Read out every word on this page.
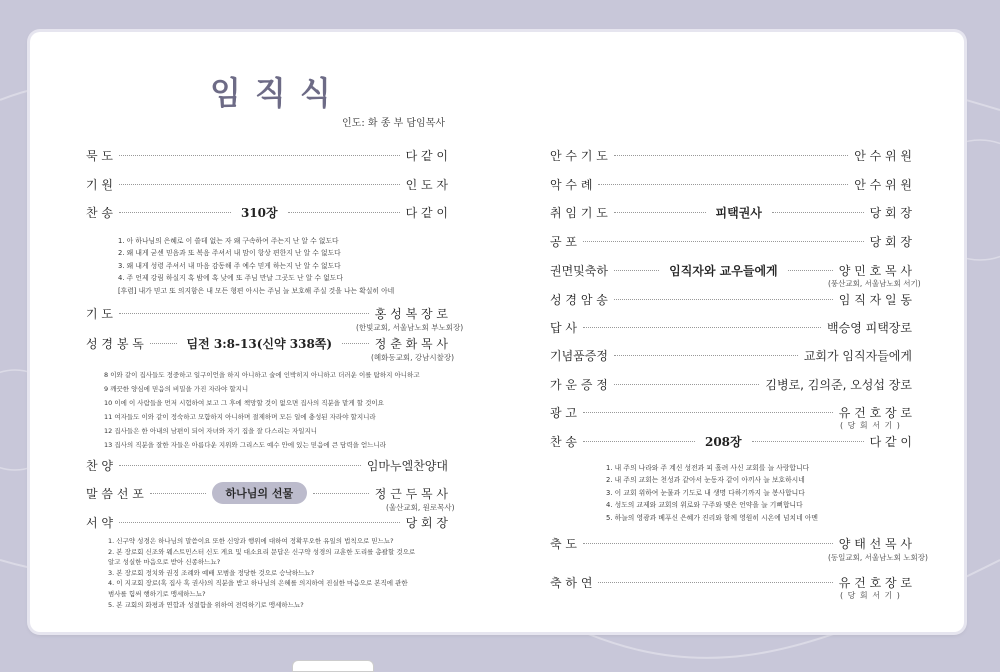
임직식
인도: 화 종 부 담임목사
묵 도	다 같 이
기 원	인 도 자
찬 송	310장	다 같 이
1. 아 하나님의 은혜로 이 쓸데 없는 자 왜 구속하여 주는지 난 알 수 없도다
2. 왜 내게 굳센 믿음과 또 복음 주셔서 내 맘이 항상 편한지 난 알 수 없도다
3. 왜 내게 성령 주셔서 내 마음 감동해 주 예수 믿게 하는지 난 알 수 없도다
4. 주 언제 강림 하실지 혹 밤에 혹 낮에 또 주님 만날 그곳도 난 알 수 없도다
[후렴] 내가 믿고 또 의지함은 내 모든 형편 아시는 주님 늘 보호해 주실 것을 나는 확실히 아네
기 도	홍 성 복 장 로
(한빛교회, 서울남노회 부노회장)
성 경 봉 독	딤전 3:8-13(신약 338쪽)	정 춘 화 목 사
(혜화동교회, 강남시찰장)
8 이와 같이 집사들도 정중하고 일구이언을 하지 아니하고 술에 인박히지 아니하고 더러운 이를 탐하지 아니하고
9 깨끗한 양심에 믿음의 비밀을 가진 자라야 할지니
10 이에 이 사람들을 먼저 시험하여 보고 그 후에 책망할 것이 없으면 집사의 직분을 맡게 할 것이요
11 여자들도 이와 같이 정숙하고 모함하지 아니하며 절제하며 모든 일에 충성된 자라야 할지니라
12 집사들은 한 아내의 남편이 되어 자녀와 자기 집을 잘 다스리는 자일지니
13 집사의 직분을 잘한 자들은 아름다운 지위와 그리스도 예수 안에 있는 믿음에 큰 담력을 얻느니라
찬 양	임마누엘찬양대
말 씀 선 포	하나님의 선물	정 근 두 목 사
(울산교회, 원로목사)
서 약	당 회 장
1. 신구약 성경은 하나님의 말씀이요 또한 신앙과 행위에 대하여 정확무오한 유일의 법칙으로 믿느뇨?
2. 본 장로회 신조와 웨스트민스터 신도 게요 및 대소요리 문답은 신구약 성경의 교훈한 도리를 총괄할 것으로
알고 성실한 마음으로 받아 신종하느뇨?
3. 본 장로회 정치와 권징 조례와 예배 모범을 정당한 것으로 승낙하느뇨?
4. 이 지교회 장로(혹 집사 혹 권사)의 직분을 받고 하나님의 은혜를 의지하여 진실한 마음으로 본직에 관한
범사를 힘써 행하기로 맹세하느뇨?
5. 본 교회의 화평과 연합과 성결함을 위하여 전력하기로 맹세하느뇨?
안 수 기 도	안 수 위 원
악 수 례	안 수 위 원
취 임 기 도	피택권사	당 회 장
공 포	당 회 장
권면및축하	임직자와 교우들에게	양 민 호 목 사
(풍산교회, 서울남노회 서기)
성 경 암 송	임 직 자 일 동
답 사	백승영 피택장로
기념품증정	교회가 임직자들에게
가 운 증 정	김병로, 김의준, 오성섭 장로
광 고	유 건 호 장 로
( 당 회 서 기 )
찬 송	208장	다 같 이
1. 내 주의 나라와 주 계신 성전과 피 흘려 사신 교회를 늘 사랑합니다
2. 내 주의 교회는 천성과 같아서 눈동자 같이 아끼사 늘 보호하시네
3. 이 교회 위하여 눈물과 기도로 내 생명 다하기까지 늘 봉사합니다
4. 성도의 교제와 교회의 위로와 구주와 맺은 언약을 늘 기뻐합니다
5. 하늘의 영광과 베푸신 은혜가 진리와 함께 영원히 시온에 넘치네 아멘
축 도	양 태 선 목 사
(동일교회, 서울남노회 노회장)
축 하 연	유 건 호 장 로
( 당 회 서 기 )
